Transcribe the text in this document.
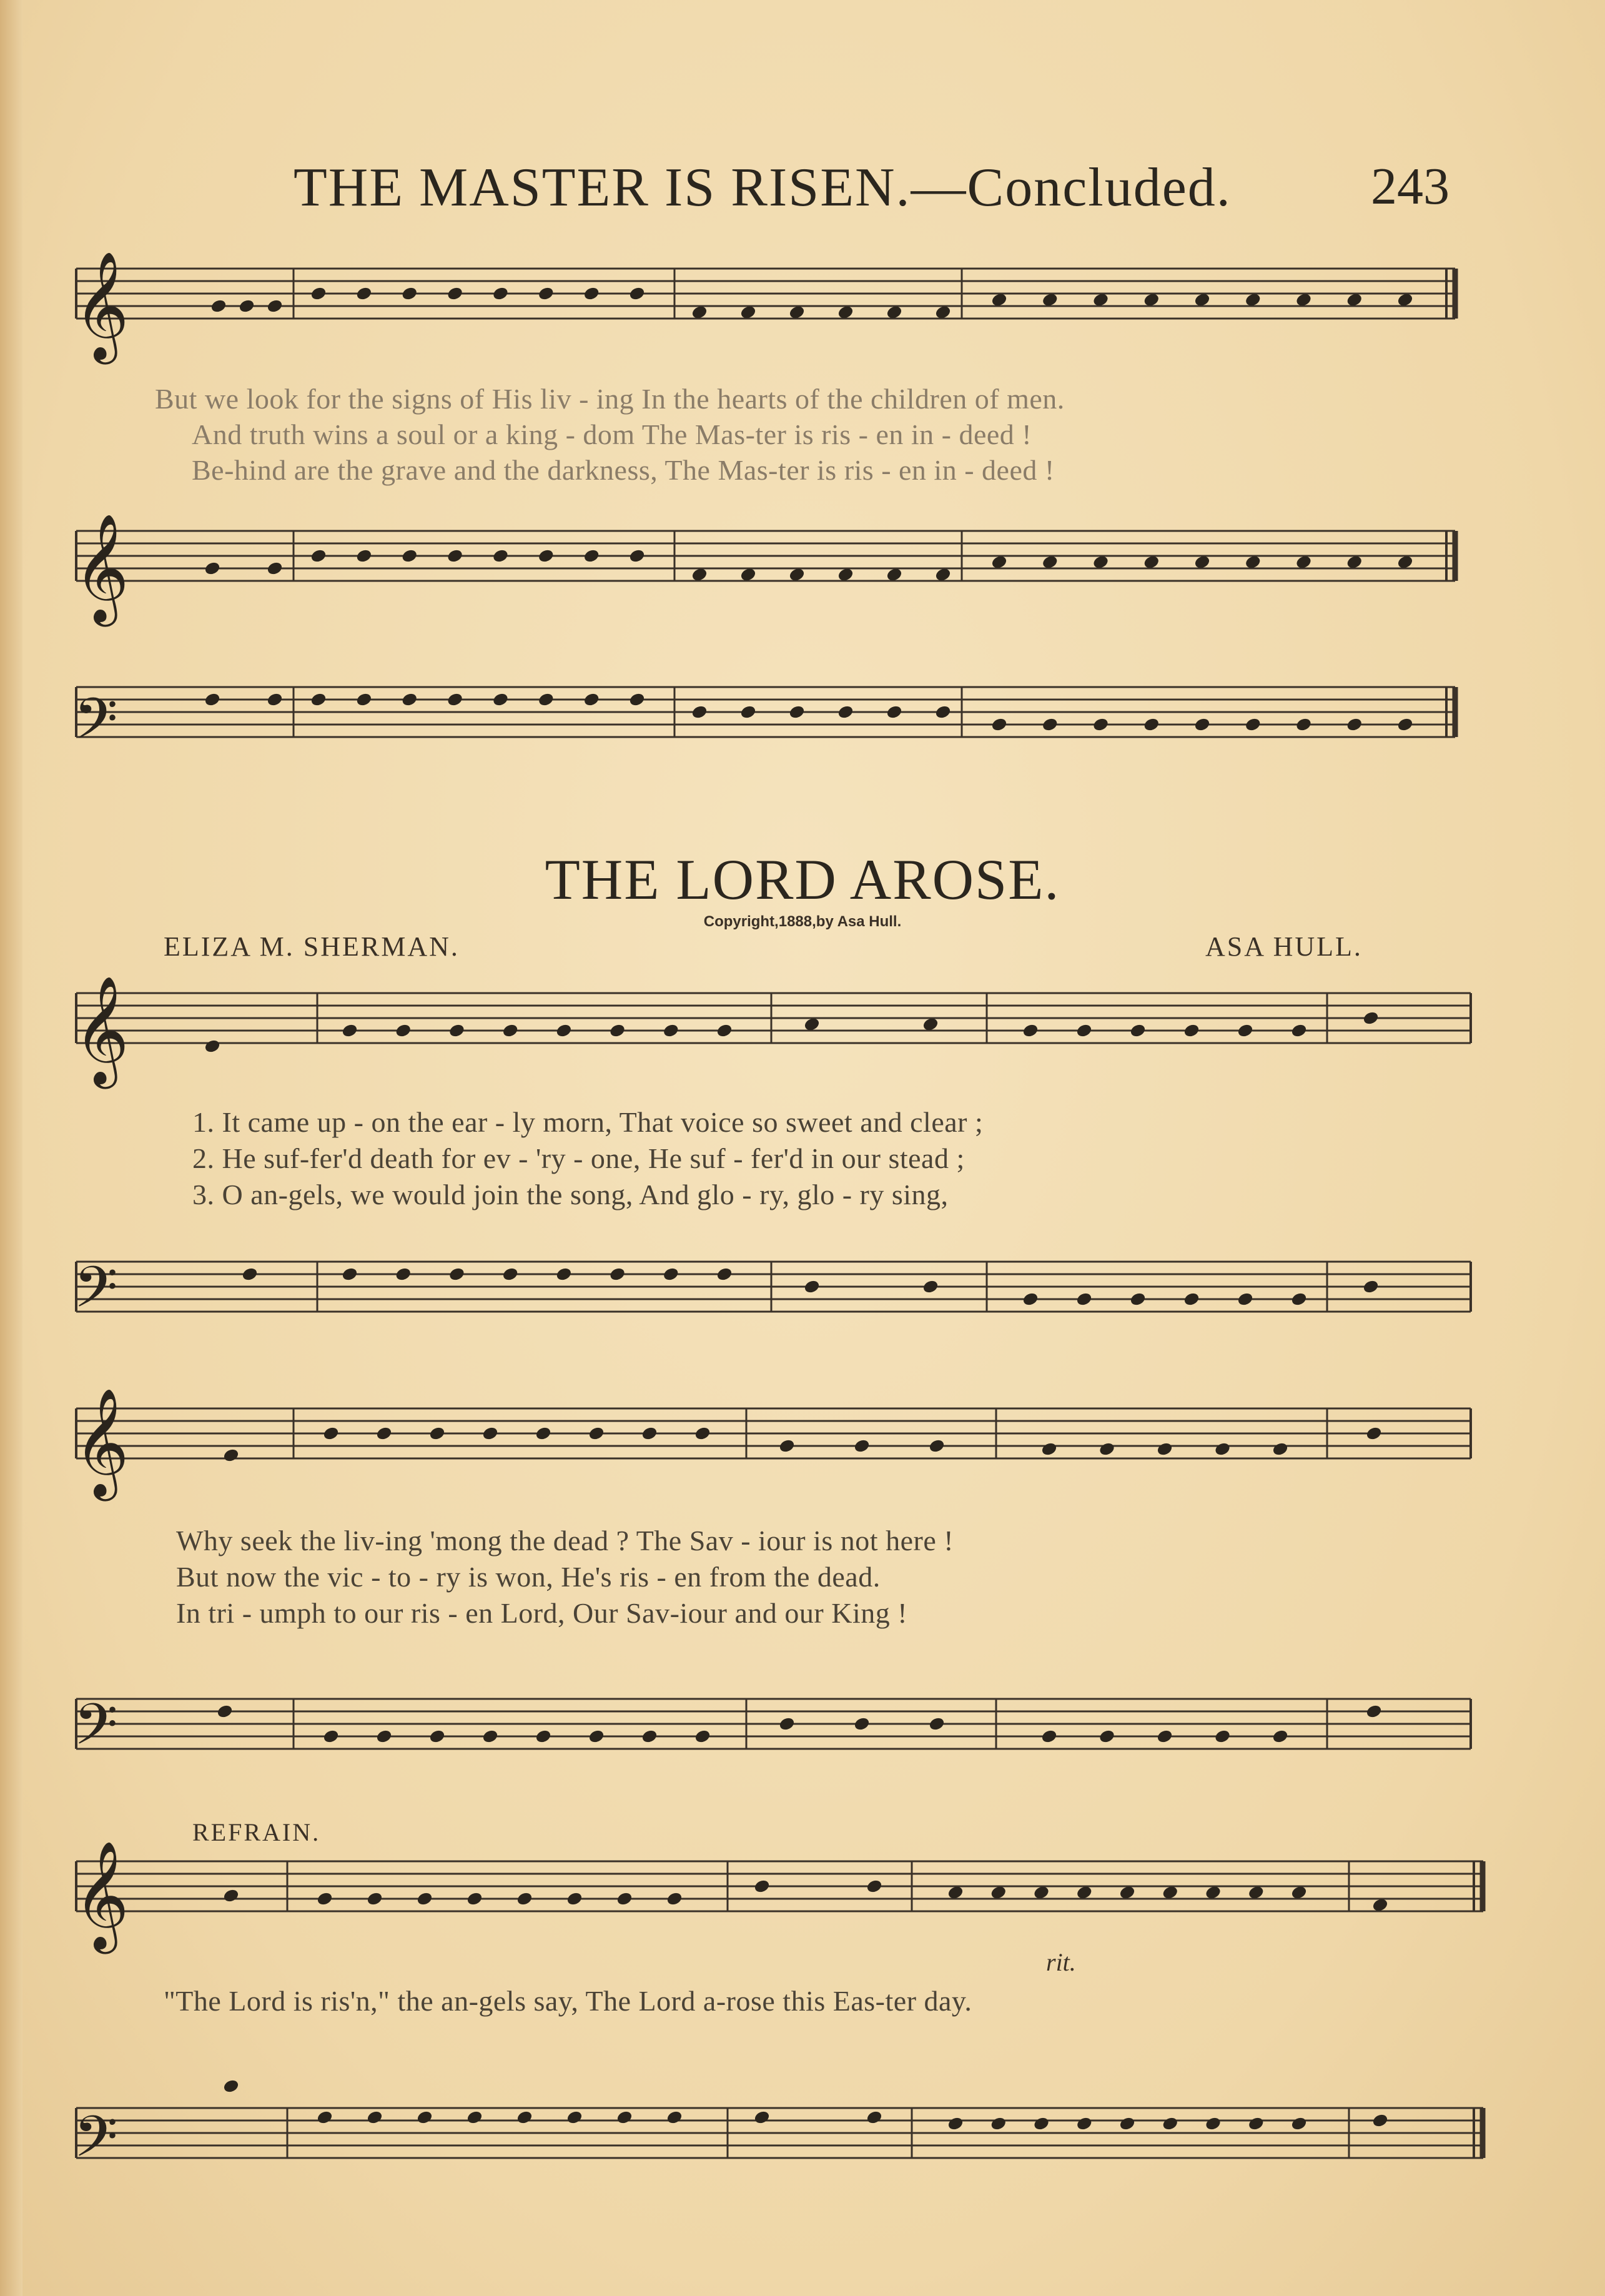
THE MASTER IS RISEN.—Concluded.	243
𝄞
𝄞
𝄢
𝄞
𝄢
𝄞
𝄢
𝄞
𝄢
But we look for the signs of His liv - ing In the hearts of the children of men.
And truth wins a soul or a king - dom The Mas-ter is ris - en in - deed !
Be-hind are the grave and the darkness, The Mas-ter is ris - en in - deed !
THE LORD AROSE.
Copyright,1888,by Asa Hull.
ELIZA M. SHERMAN.	ASA HULL.
1. It came up - on the ear - ly morn, That voice so sweet and clear ;
2. He suf-fer'd death for ev - 'ry - one, He suf - fer'd in our stead ;
3. O an-gels, we would join the song, And glo - ry, glo - ry sing,
Why seek the liv-ing 'mong the dead ? The Sav - iour is not here !
But now the vic - to - ry is won, He's ris - en from the dead.
In tri - umph to our ris - en Lord, Our Sav-iour and our King !
REFRAIN.
rit.
"The Lord is ris'n," the an-gels say, The Lord a-rose this Eas-ter day.
